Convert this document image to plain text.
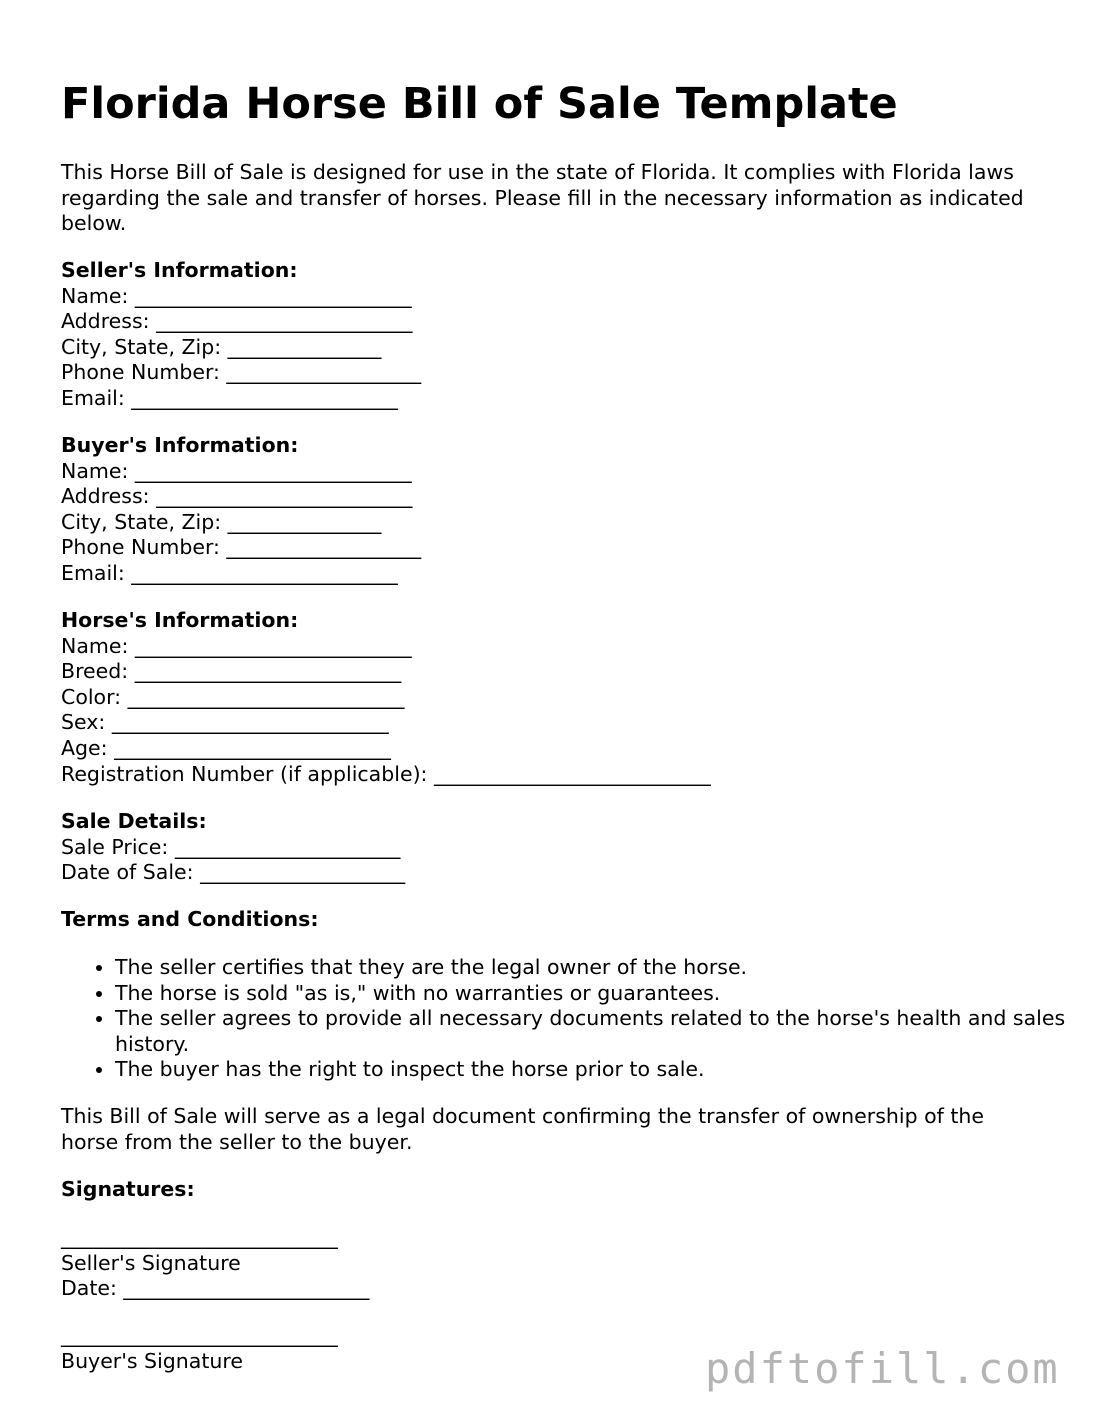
Florida Horse Bill of Sale Template

This Horse Bill of Sale is designed for use in the state of Florida. It complies with Florida laws regarding the sale and transfer of horses. Please fill in the necessary information as indicated below.

Seller's Information:
Name: ___________________________
Address: _________________________
City, State, Zip: _______________
Phone Number: ___________________
Email: __________________________
Buyer's Information:
Name: ___________________________
Address: _________________________
City, State, Zip: _______________
Phone Number: ___________________
Email: __________________________
Horse's Information:
Name: ___________________________
Breed: __________________________
Color: ___________________________
Sex: ___________________________
Age: ___________________________
Registration Number (if applicable): ___________________________
Sale Details:
Sale Price: ______________________
Date of Sale: ____________________
Terms and Conditions:
• The seller certifies that they are the legal owner of the horse.
• The horse is sold "as is," with no warranties or guarantees.
• The seller agrees to provide all necessary documents related to the horse's health and sales history.
• The buyer has the right to inspect the horse prior to sale.

This Bill of Sale will serve as a legal document confirming the transfer of ownership of the horse from the seller to the buyer.

Signatures:
___________________________
Seller's Signature
Date: ________________________
___________________________
Buyer's Signature	pdftofill.com
